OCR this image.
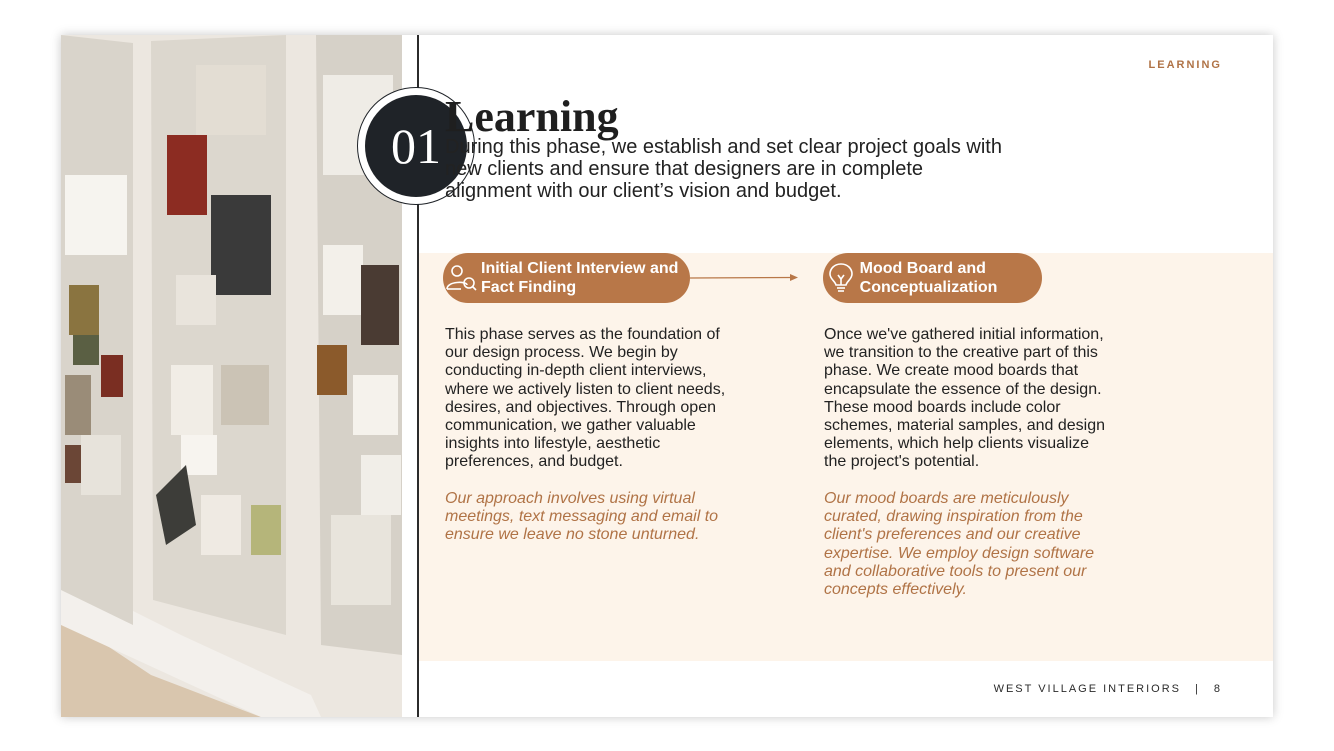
01
LEARNING
Learning
During this phase, we establish and set clear project goals with new clients and ensure that designers are in complete alignment with our client’s vision and budget.
Initial Client Interview and Fact Finding
Mood Board and Conceptualization
This phase serves as the foundation of our design process. We begin by conducting in-depth client interviews, where we actively listen to client needs, desires, and objectives. Through open communication, we gather valuable insights into lifestyle, aesthetic preferences, and budget.
Our approach involves using virtual meetings, text messaging and email to ensure we leave no stone unturned.
Once we've gathered initial information, we transition to the creative part of this phase. We create mood boards that encapsulate the essence of the design. These mood boards include color schemes, material samples, and design elements, which help clients visualize the project's potential.
Our mood boards are meticulously curated, drawing inspiration from the client's preferences and our creative expertise. We employ design software and collaborative tools to present our concepts effectively.
WEST VILLAGE INTERIORS | 8
